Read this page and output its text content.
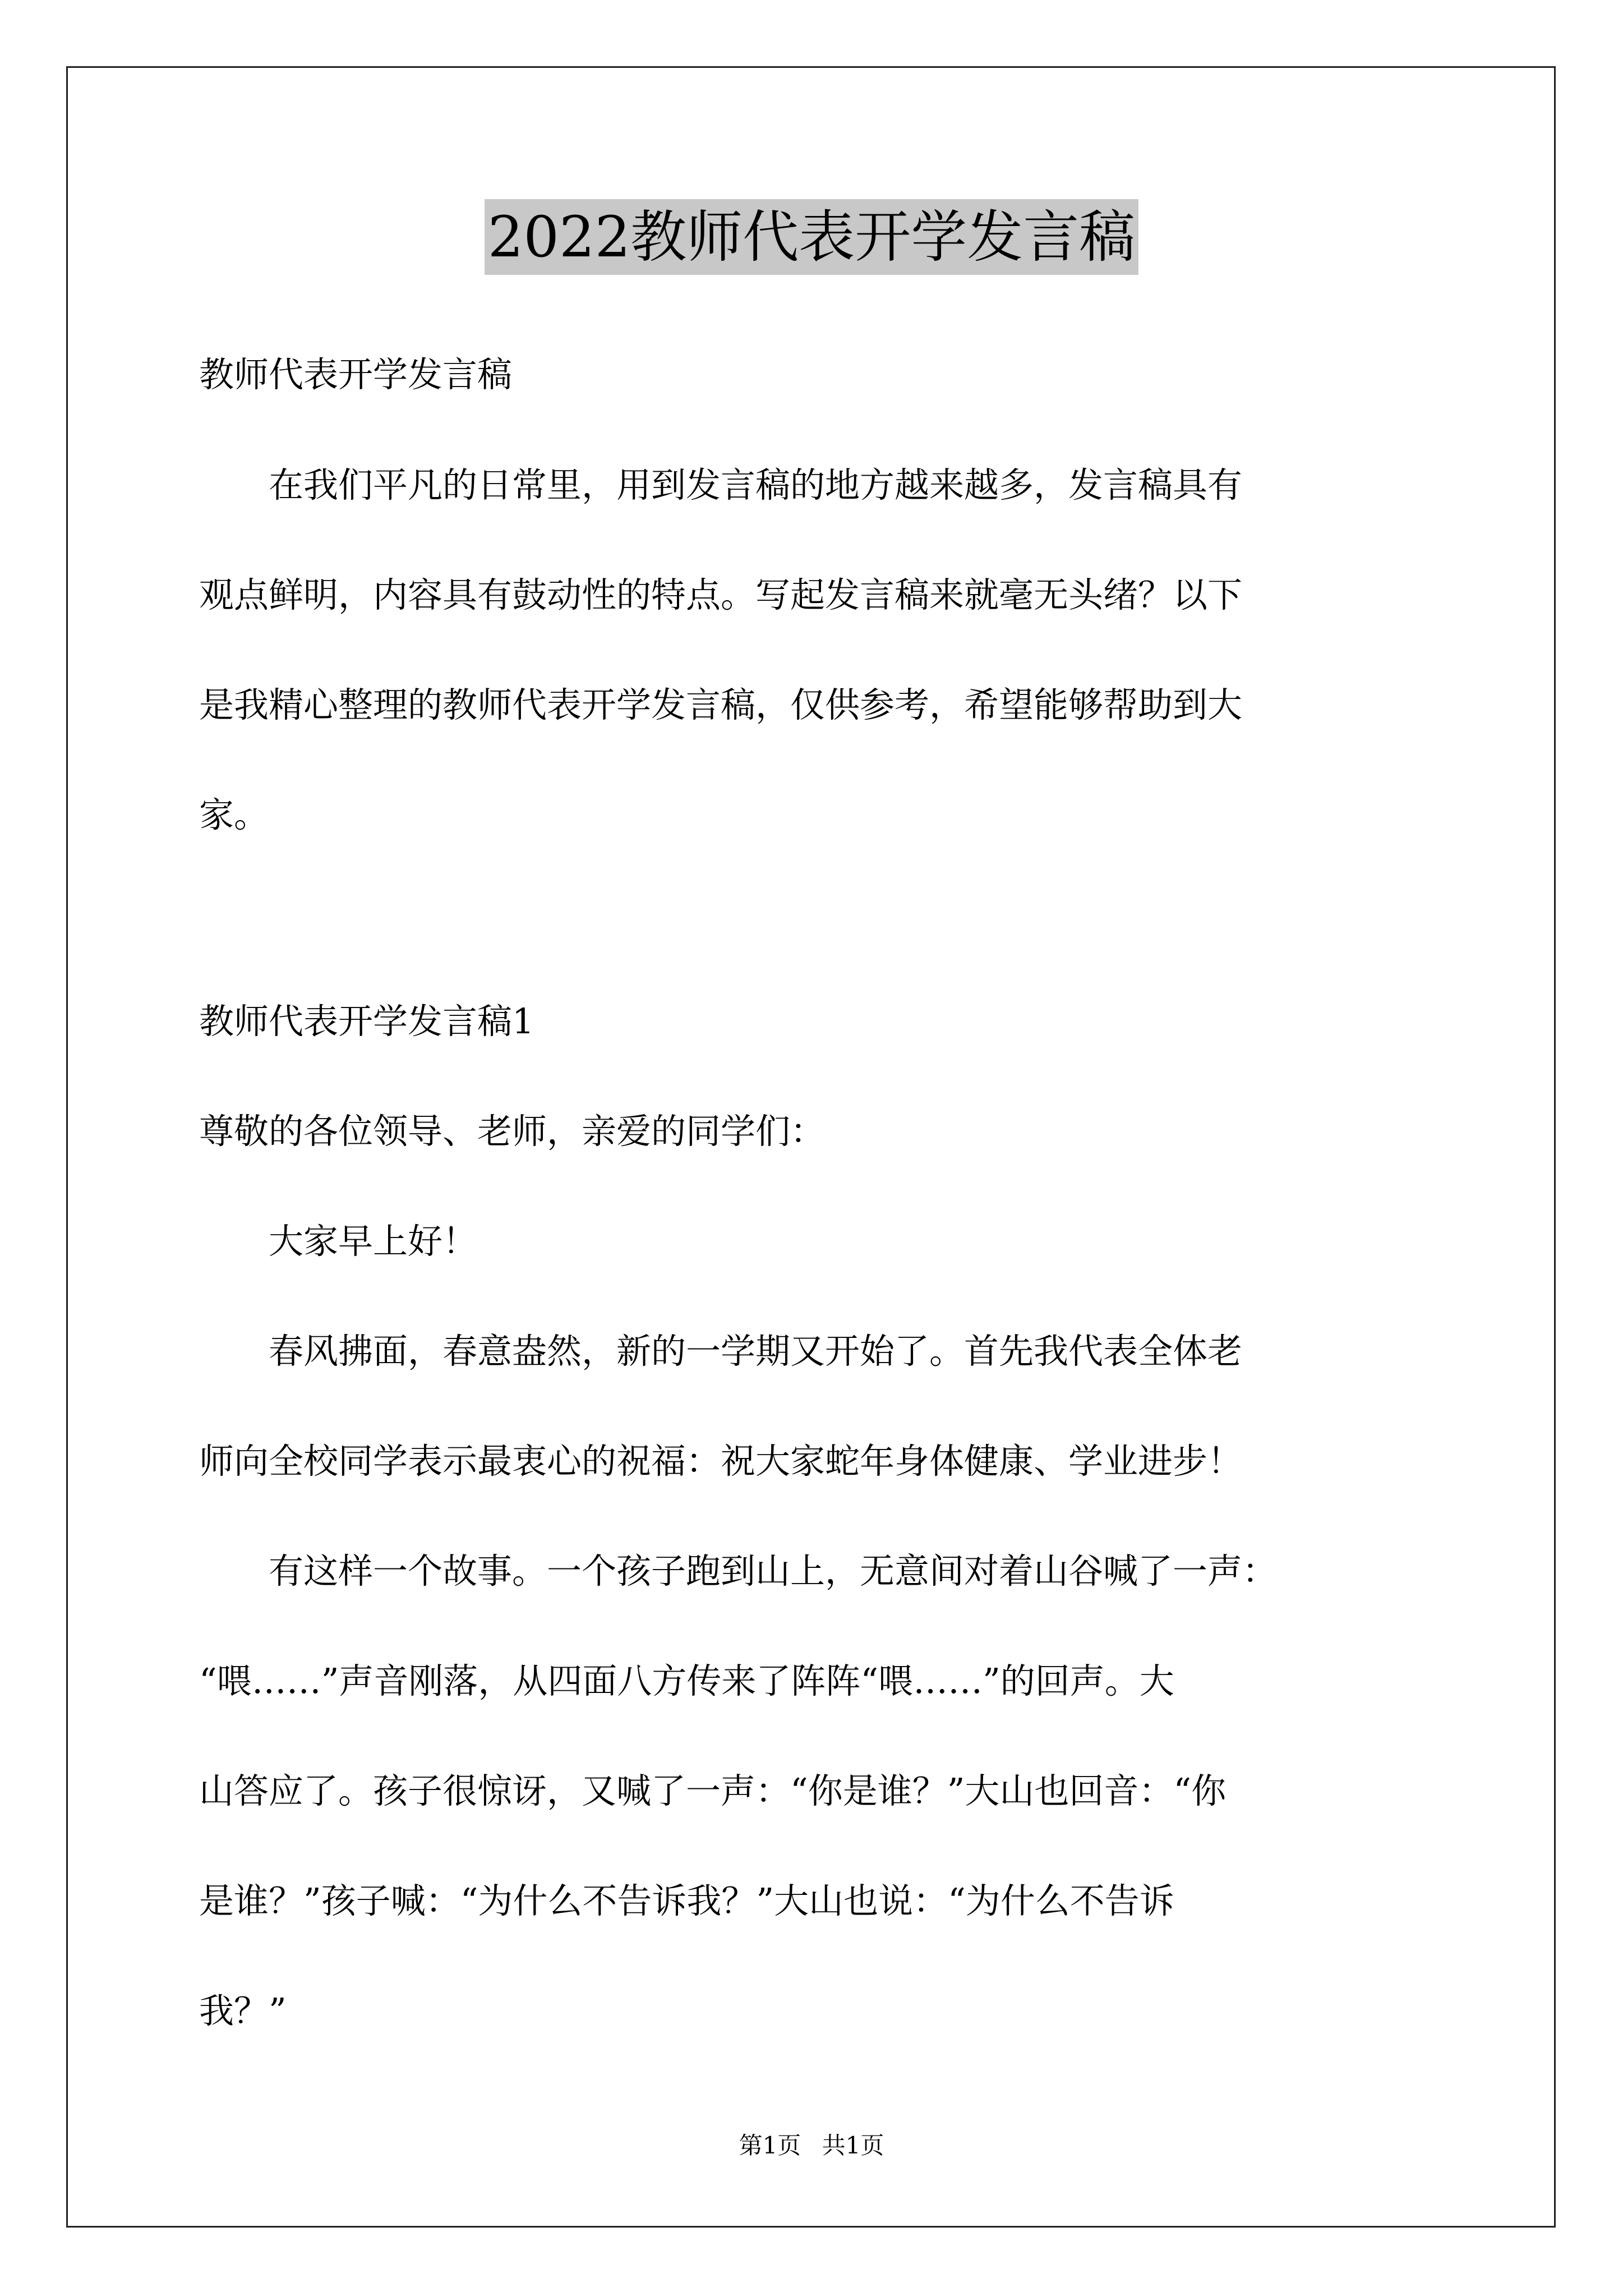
2022教师代表开学发言稿
教师代表开学发言稿
　　在我们平凡的日常里，用到发言稿的地方越来越多，发言稿具有
观点鲜明，内容具有鼓动性的特点。写起发言稿来就毫无头绪？以下
是我精心整理的教师代表开学发言稿，仅供参考，希望能够帮助到大
家。
教师代表开学发言稿1
尊敬的各位领导、老师，亲爱的同学们：
　　大家早上好！
　　春风拂面，春意盎然，新的一学期又开始了。首先我代表全体老
师向全校同学表示最衷心的祝福：祝大家蛇年身体健康、学业进步！
　　有这样一个故事。一个孩子跑到山上，无意间对着山谷喊了一声：
“喂……”声音刚落，从四面八方传来了阵阵“喂……”的回声。大
山答应了。孩子很惊讶，又喊了一声：“你是谁？”大山也回音：“你
是谁？”孩子喊：“为什么不告诉我？”大山也说：“为什么不告诉
我？”
第1页 共1页
